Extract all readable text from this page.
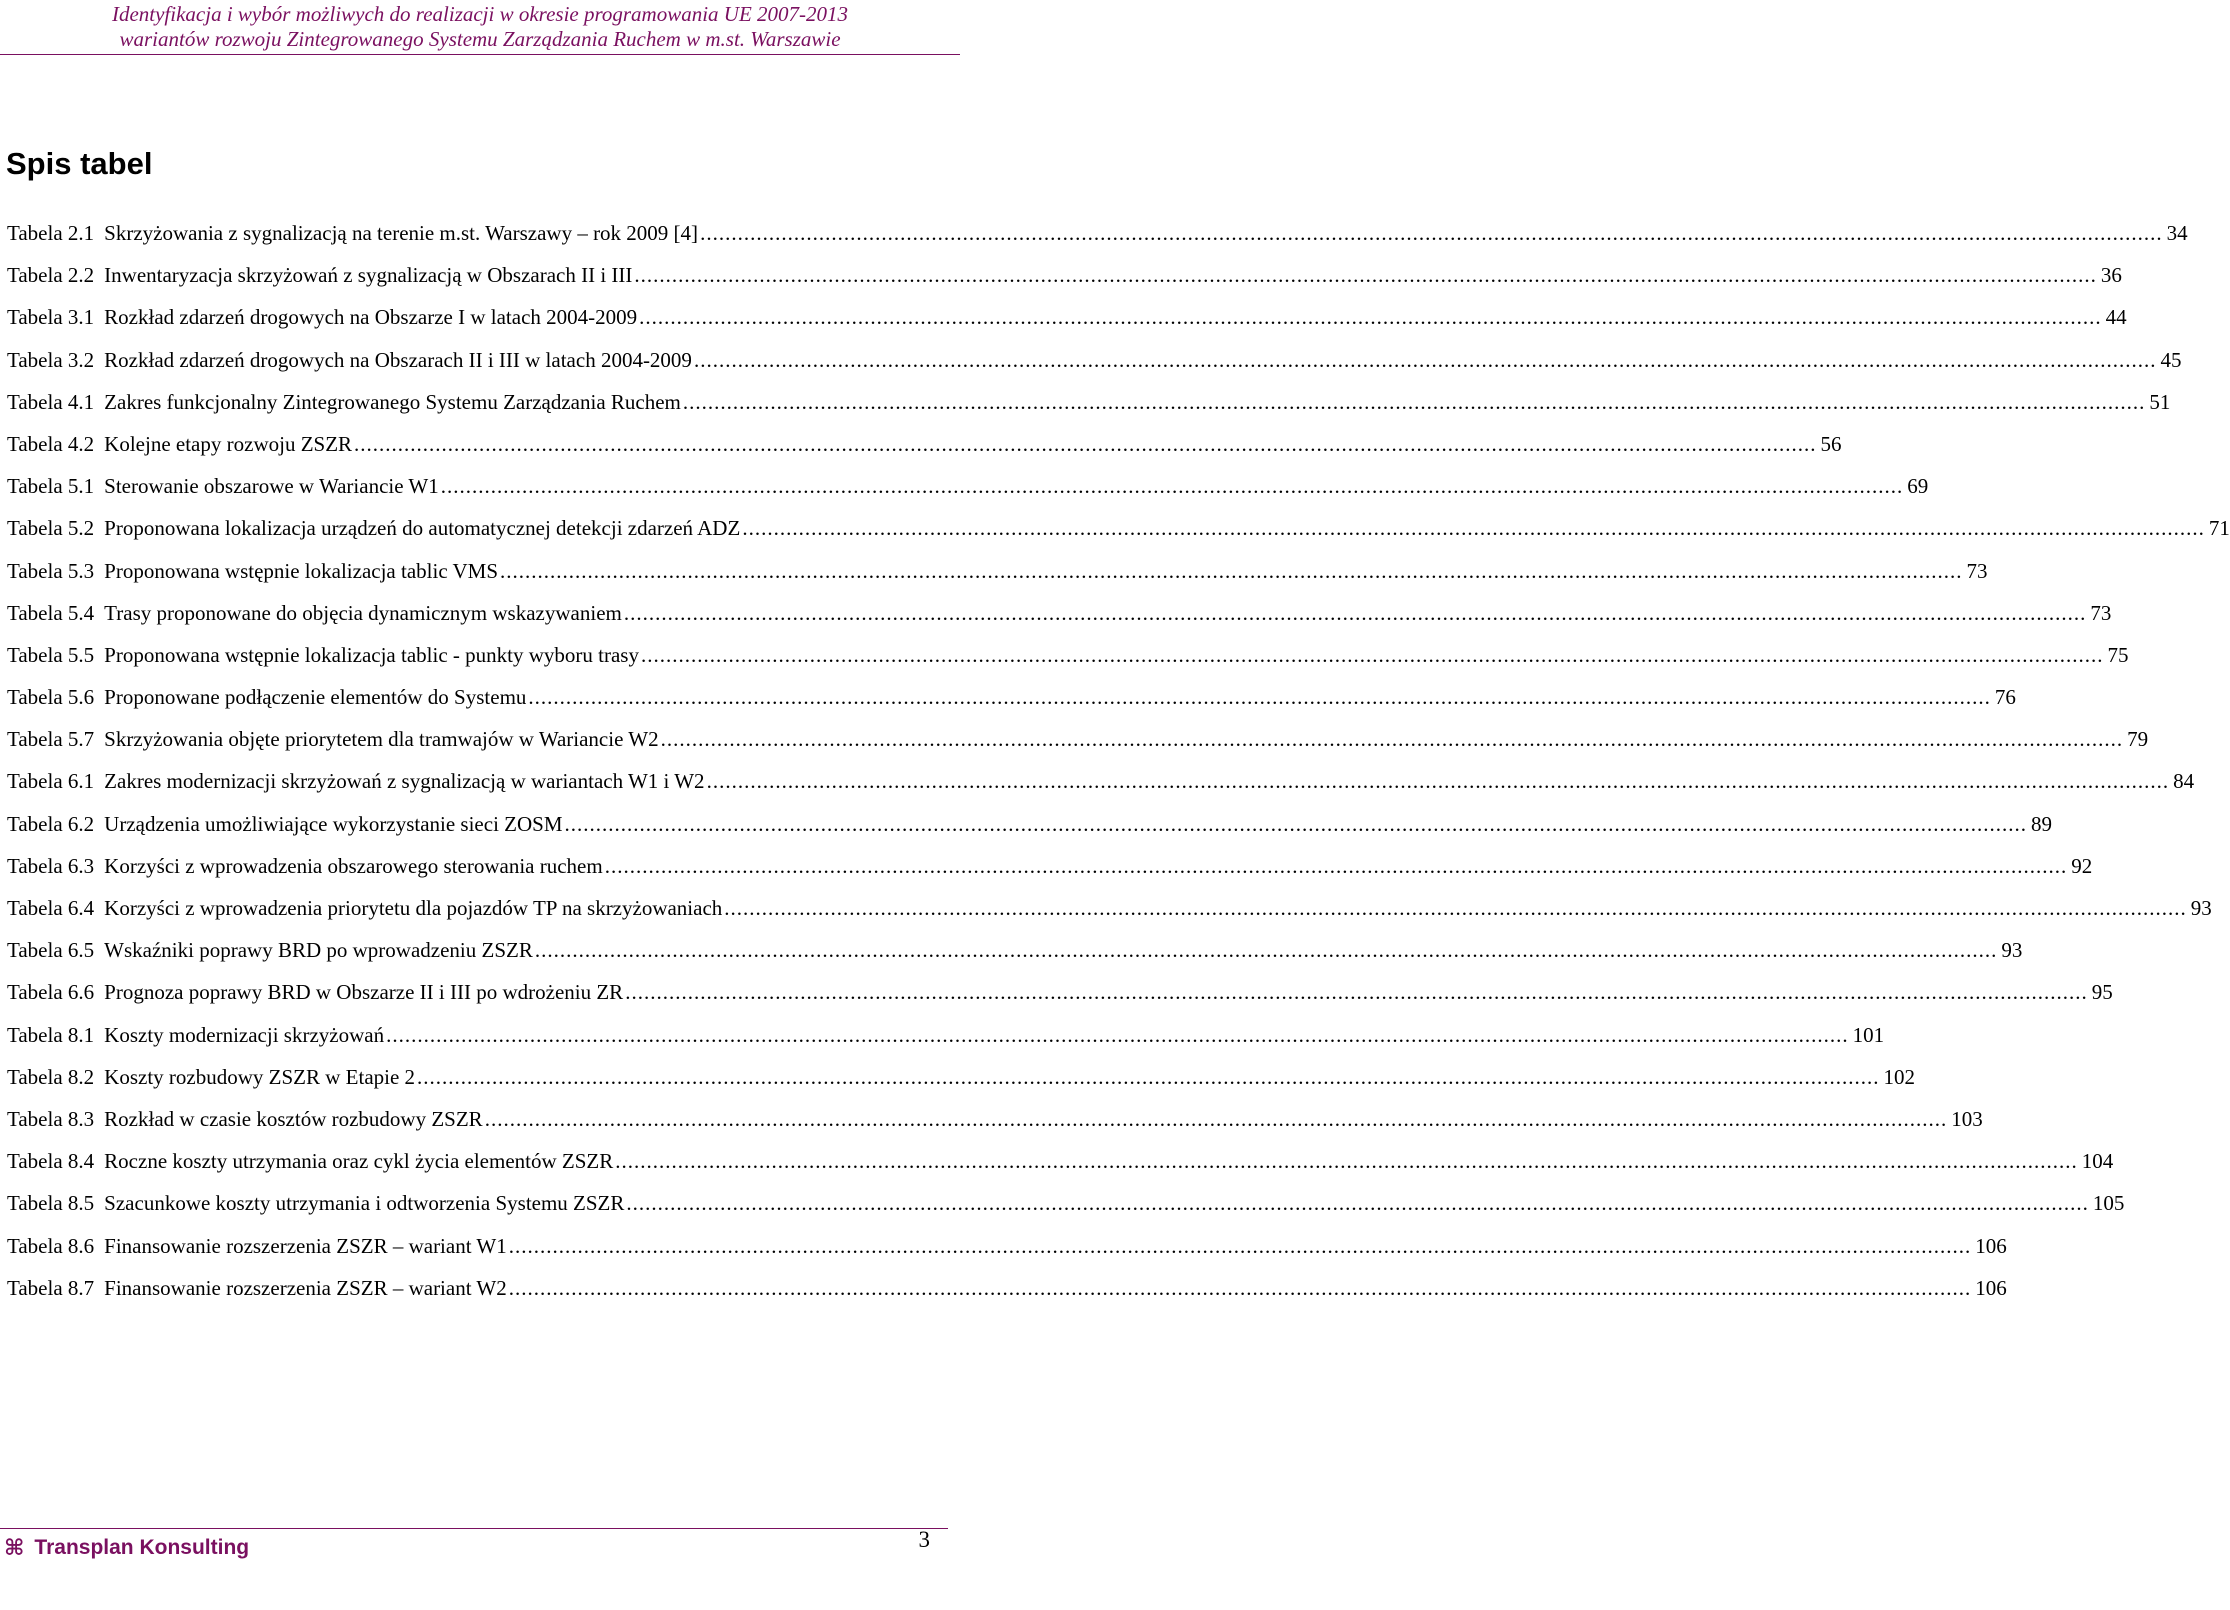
Identyfikacja i wybór możliwych do realizacji w okresie programowania UE 2007-2013
wariantów rozwoju Zintegrowanego Systemu Zarządzania Ruchem w m.st. Warszawie
Spis tabel
Tabela 2.1 Skrzyżowania z sygnalizacją na terenie m.st. Warszawy – rok 2009 [4] .....	34
Tabela 2.2 Inwentaryzacja skrzyżowań z sygnalizacją w Obszarach II i III .....	36
Tabela 3.1 Rozkład zdarzeń drogowych na Obszarze I w latach 2004-2009 .....	44
Tabela 3.2 Rozkład zdarzeń drogowych na Obszarach II i III w latach 2004-2009 .....	45
Tabela 4.1 Zakres funkcjonalny Zintegrowanego Systemu Zarządzania Ruchem .....	51
Tabela 4.2 Kolejne etapy rozwoju ZSZR .....	56
Tabela 5.1 Sterowanie obszarowe w Wariancie W1 .....	69
Tabela 5.2 Proponowana lokalizacja urządzeń do automatycznej detekcji zdarzeń ADZ .....	71
Tabela 5.3 Proponowana wstępnie lokalizacja tablic VMS .....	73
Tabela 5.4 Trasy proponowane do objęcia dynamicznym wskazywaniem .....	73
Tabela 5.5 Proponowana wstępnie lokalizacja tablic - punkty wyboru trasy .....	75
Tabela 5.6 Proponowane podłączenie elementów do Systemu .....	76
Tabela 5.7 Skrzyżowania objęte priorytetem dla tramwajów w Wariancie W2 .....	79
Tabela 6.1 Zakres modernizacji skrzyżowań z sygnalizacją w wariantach W1 i W2 .....	84
Tabela 6.2 Urządzenia umożliwiające wykorzystanie sieci ZOSM .....	89
Tabela 6.3 Korzyści z wprowadzenia obszarowego sterowania ruchem .....	92
Tabela 6.4 Korzyści z wprowadzenia priorytetu dla pojazdów TP na skrzyżowaniach .....	93
Tabela 6.5 Wskaźniki poprawy BRD po wprowadzeniu ZSZR .....	93
Tabela 6.6 Prognoza poprawy BRD w Obszarze II i III po wdrożeniu ZR .....	95
Tabela 8.1 Koszty modernizacji skrzyżowań .....	101
Tabela 8.2 Koszty rozbudowy ZSZR w Etapie 2 .....	102
Tabela 8.3 Rozkład w czasie kosztów rozbudowy ZSZR .....	103
Tabela 8.4 Roczne koszty utrzymania oraz cykl życia elementów ZSZR .....	104
Tabela 8.5 Szacunkowe koszty utrzymania i odtworzenia Systemu ZSZR .....	105
Tabela 8.6 Finansowanie rozszerzenia ZSZR – wariant W1 .....	106
Tabela 8.7 Finansowanie rozszerzenia ZSZR – wariant W2 .....	106
⌘ Transplan Konsulting	3
